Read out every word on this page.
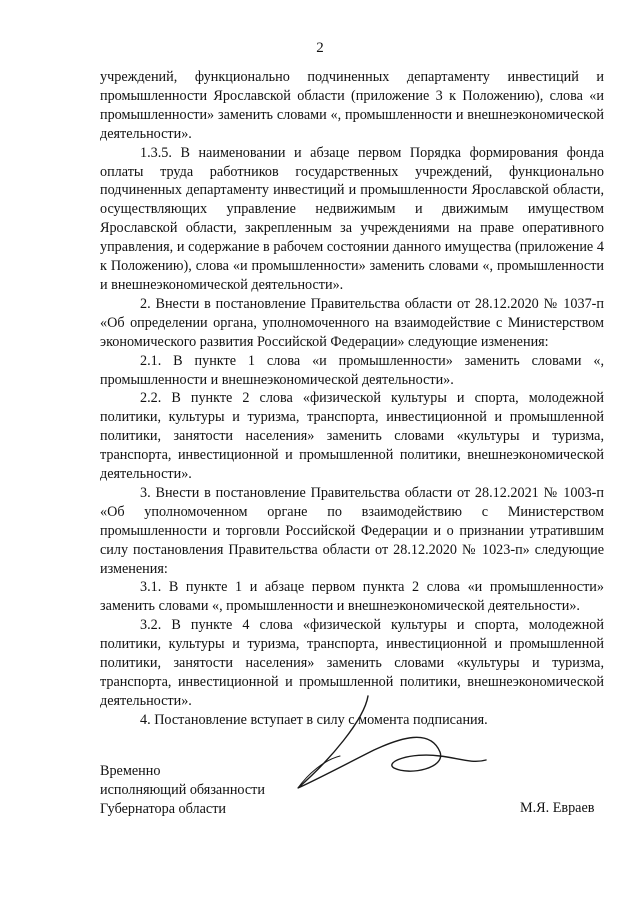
2

учреждений, функционально подчиненных департаменту инвестиций и промышленности Ярославской области (приложение 3 к Положению), слова «и промышленности» заменить словами «, промышленности и внешнеэкономической деятельности».

1.3.5. В наименовании и абзаце первом Порядка формирования фонда оплаты труда работников государственных учреждений, функционально подчиненных департаменту инвестиций и промышленности Ярославской области, осуществляющих управление недвижимым и движимым имуществом Ярославской области, закрепленным за учреждениями на праве оперативного управления, и содержание в рабочем состоянии данного имущества (приложение 4 к Положению), слова «и промышленности» заменить словами «, промышленности и внешнеэкономической деятельности».

2. Внести в постановление Правительства области от 28.12.2020 № 1037-п «Об определении органа, уполномоченного на взаимодействие с Министерством экономического развития Российской Федерации» следующие изменения:

2.1. В пункте 1 слова «и промышленности» заменить словами «, промышленности и внешнеэкономической деятельности».

2.2. В пункте 2 слова «физической культуры и спорта, молодежной политики, культуры и туризма, транспорта, инвестиционной и промышленной политики, занятости населения» заменить словами «культуры и туризма, транспорта, инвестиционной и промышленной политики, внешнеэкономической деятельности».

3. Внести в постановление Правительства области от 28.12.2021 № 1003-п «Об уполномоченном органе по взаимодействию с Министерством промышленности и торговли Российской Федерации и о признании утратившим силу постановления Правительства области от 28.12.2020 № 1023-п» следующие изменения:

3.1. В пункте 1 и абзаце первом пункта 2 слова «и промышленности» заменить словами «, промышленности и внешнеэкономической деятельности».

3.2. В пункте 4 слова «физической культуры и спорта, молодежной политики, культуры и туризма, транспорта, инвестиционной и промышленной политики, занятости населения» заменить словами «культуры и туризма, транспорта, инвестиционной и промышленной политики, внешнеэкономической деятельности».

4. Постановление вступает в силу с момента подписания.

Временно
исполняющий обязанности
Губернатора области	М.Я. Евраев
